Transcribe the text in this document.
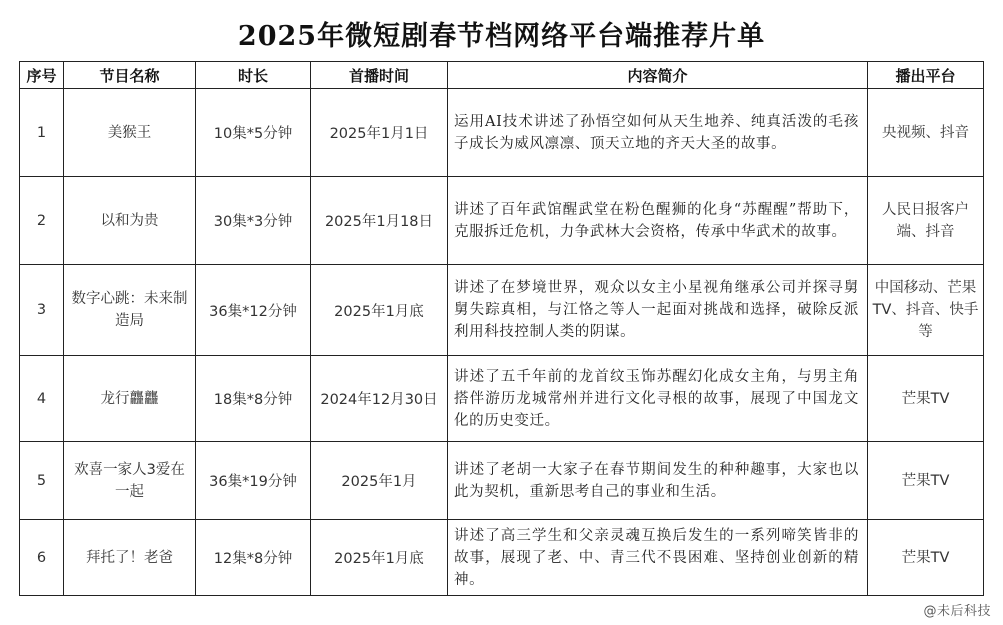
2025年微短剧春节档网络平台端推荐片单
序号	节目名称	时长	首播时间	内容简介	播出平台
1	美猴王	10集*5分钟	2025年1月1日	运用AI技术讲述了孙悟空如何从天生地养、纯真活泼的毛孩子成长为威风凛凛、顶天立地的齐天大圣的故事。	央视频、抖音
2	以和为贵	30集*3分钟	2025年1月18日	讲述了百年武馆醒武堂在粉色醒狮的化身“苏醒醒”帮助下，克服拆迁危机，力争武林大会资格，传承中华武术的故事。	人民日报客户端、抖音
3	数字心跳：未来制造局	36集*12分钟	2025年1月底	讲述了在梦境世界，观众以女主小星视角继承公司并探寻舅舅失踪真相，与江恪之等人一起面对挑战和选择，破除反派利用科技控制人类的阴谋。	中国移动、芒果TV、抖音、快手等
4	龙行龘龘	18集*8分钟	2024年12月30日	讲述了五千年前的龙首纹玉饰苏醒幻化成女主角，与男主角搭伴游历龙城常州并进行文化寻根的故事，展现了中国龙文化的历史变迁。	芒果TV
5	欢喜一家人3爱在一起	36集*19分钟	2025年1月	讲述了老胡一大家子在春节期间发生的种种趣事，大家也以此为契机，重新思考自己的事业和生活。	芒果TV
6	拜托了！老爸	12集*8分钟	2025年1月底	讲述了高三学生和父亲灵魂互换后发生的一系列啼笑皆非的故事，展现了老、中、青三代不畏困难、坚持创业创新的精神。	芒果TV
@未后科技
